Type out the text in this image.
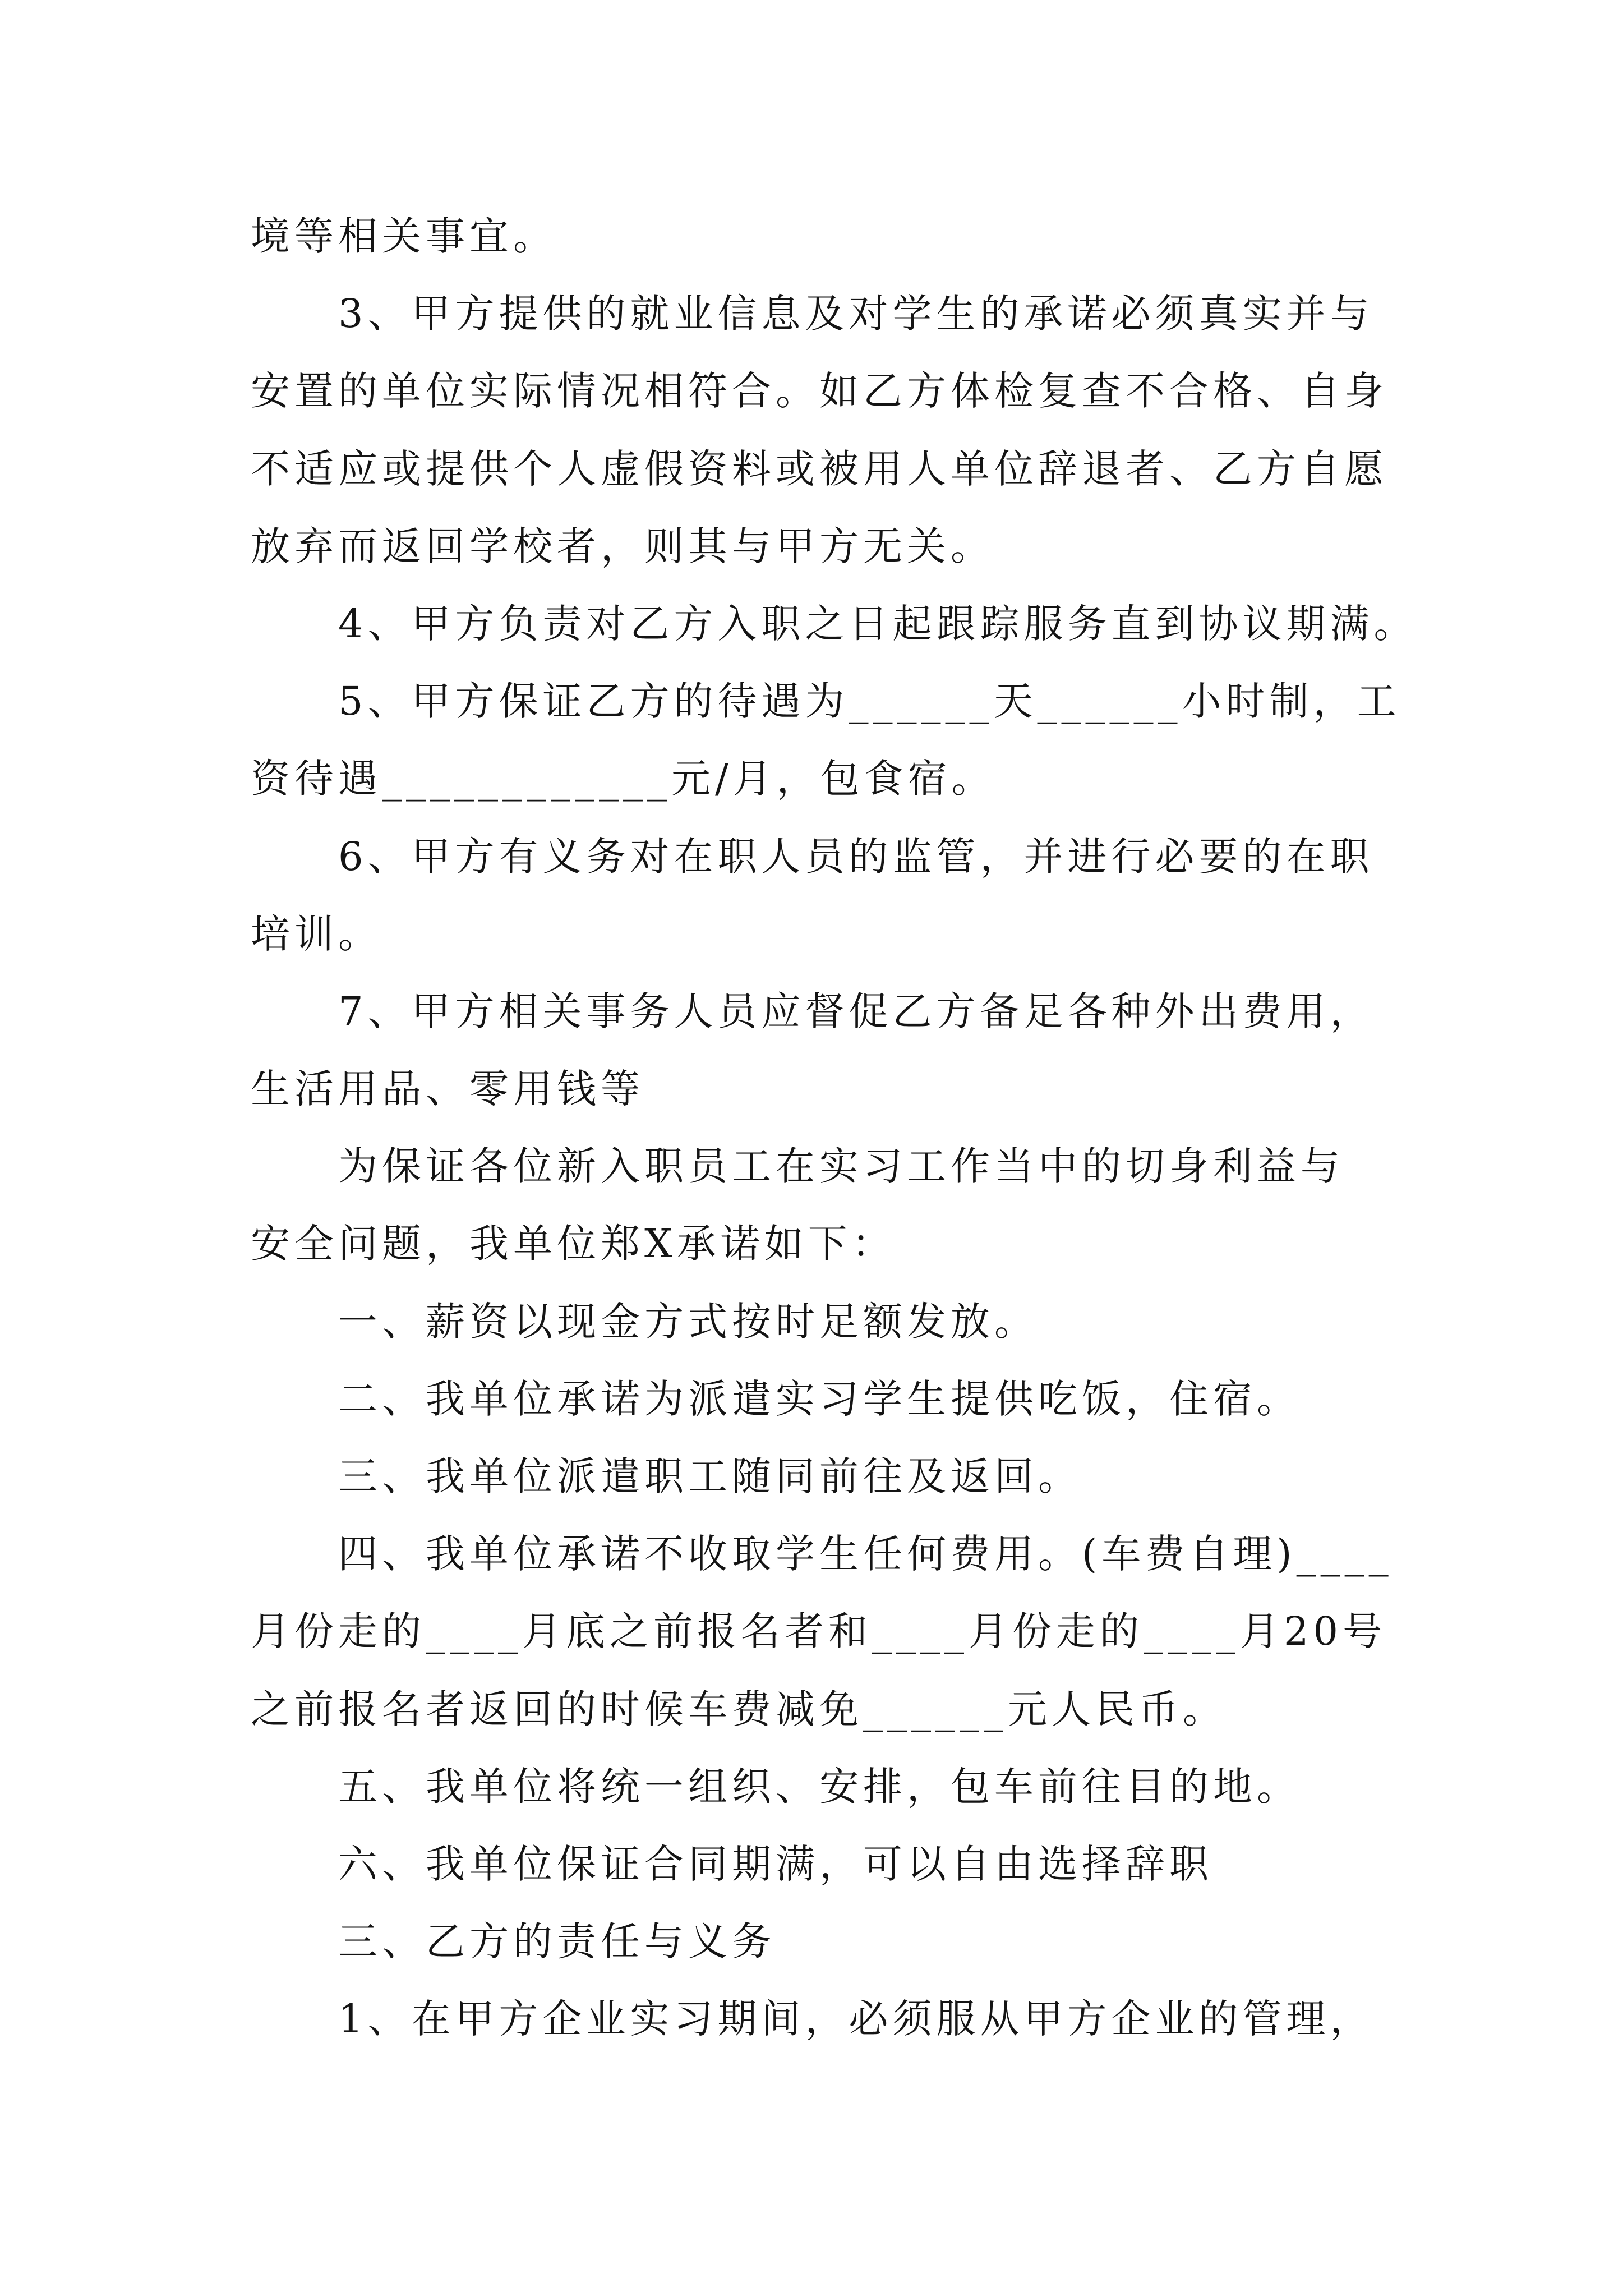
境等相关事宜。
3、甲方提供的就业信息及对学生的承诺必须真实并与
安置的单位实际情况相符合。如乙方体检复查不合格、自身
不适应或提供个人虚假资料或被用人单位辞退者、乙方自愿
放弃而返回学校者，则其与甲方无关。
4、甲方负责对乙方入职之日起跟踪服务直到协议期满。
5、甲方保证乙方的待遇为______天______小时制，工
资待遇____________元/月，包食宿。
6、甲方有义务对在职人员的监管，并进行必要的在职
培训。
7、甲方相关事务人员应督促乙方备足各种外出费用，
生活用品、零用钱等
为保证各位新入职员工在实习工作当中的切身利益与
安全问题，我单位郑X承诺如下：
一、薪资以现金方式按时足额发放。
二、我单位承诺为派遣实习学生提供吃饭，住宿。
三、我单位派遣职工随同前往及返回。
四、我单位承诺不收取学生任何费用。(车费自理)____
月份走的____月底之前报名者和____月份走的____月20号
之前报名者返回的时候车费减免______元人民币。
五、我单位将统一组织、安排，包车前往目的地。
六、我单位保证合同期满，可以自由选择辞职
三、乙方的责任与义务
1、在甲方企业实习期间，必须服从甲方企业的管理，
